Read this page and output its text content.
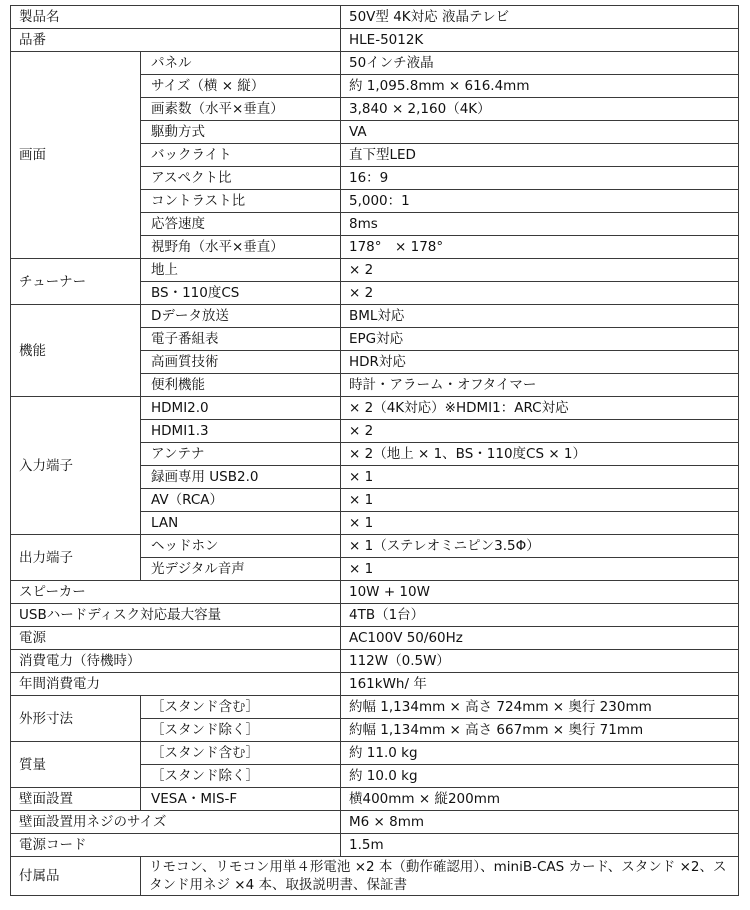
製品名		50V型 4K対応 液晶テレビ
品番		HLE-5012K
画面	パネル	50インチ液晶
	サイズ（横 × 縦）	約 1,095.8mm × 616.4mm
	画素数（水平×垂直）	3,840 × 2,160（4K）
	駆動方式	VA
	バックライト	直下型LED
	アスペクト比	16：9
	コントラスト比	5,000：1
	応答速度	8ms
	視野角（水平×垂直）	178°　× 178°
チューナー	地上	× 2
	BS・110度CS	× 2
機能	Dデータ放送	BML対応
	電子番組表	EPG対応
	高画質技術	HDR対応
	便利機能	時計・アラーム・オフタイマー
入力端子	HDMI2.0	× 2（4K対応）※HDMI1：ARC対応
	HDMI1.3	× 2
	アンテナ	× 2（地上 × 1、BS・110度CS × 1）
	録画専用 USB2.0	× 1
	AV（RCA）	× 1
	LAN	× 1
出力端子	ヘッドホン	× 1（ステレオミニピン3.5Φ）
	光デジタル音声	× 1
スピーカー		10W + 10W
USBハードディスク対応最大容量		4TB（1台）
電源		AC100V 50/60Hz
消費電力（待機時）		112W（0.5W）
年間消費電力		161kWh/ 年
外形寸法	［スタンド含む］	約幅 1,134mm × 高さ 724mm × 奥行 230mm
	［スタンド除く］	約幅 1,134mm × 高さ 667mm × 奥行 71mm
質量	［スタンド含む］	約 11.0 kg
	［スタンド除く］	約 10.0 kg
壁面設置	VESA・MIS-F	横400mm × 縦200mm
壁面設置用ネジのサイズ		M6 × 8mm
電源コード		1.5m
付属品	リモコン、リモコン用単４形電池 ×2 本（動作確認用）、miniB-CAS カード、スタンド ×2、スタンド用ネジ ×4 本、取扱説明書、保証書	
